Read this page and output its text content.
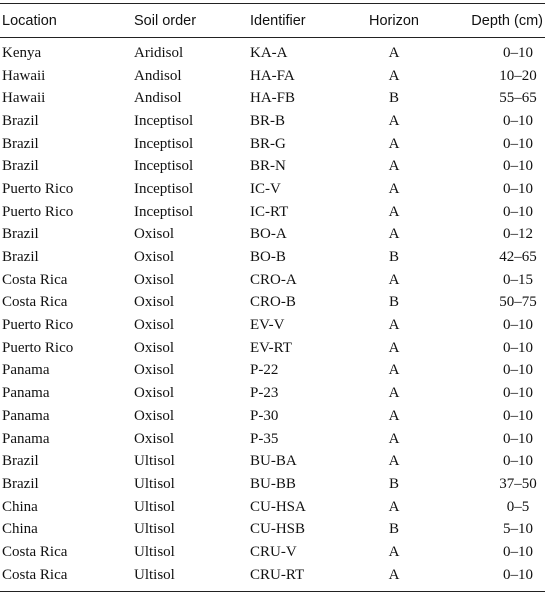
Location	Soil order	Identifier	Horizon	Depth (cm)
Kenya	Aridisol	KA-A	A	0–10
Hawaii	Andisol	HA-FA	A	10–20
Hawaii	Andisol	HA-FB	B	55–65
Brazil	Inceptisol	BR-B	A	0–10
Brazil	Inceptisol	BR-G	A	0–10
Brazil	Inceptisol	BR-N	A	0–10
Puerto Rico	Inceptisol	IC-V	A	0–10
Puerto Rico	Inceptisol	IC-RT	A	0–10
Brazil	Oxisol	BO-A	A	0–12
Brazil	Oxisol	BO-B	B	42–65
Costa Rica	Oxisol	CRO-A	A	0–15
Costa Rica	Oxisol	CRO-B	B	50–75
Puerto Rico	Oxisol	EV-V	A	0–10
Puerto Rico	Oxisol	EV-RT	A	0–10
Panama	Oxisol	P-22	A	0–10
Panama	Oxisol	P-23	A	0–10
Panama	Oxisol	P-30	A	0–10
Panama	Oxisol	P-35	A	0–10
Brazil	Ultisol	BU-BA	A	0–10
Brazil	Ultisol	BU-BB	B	37–50
China	Ultisol	CU-HSA	A	0–5
China	Ultisol	CU-HSB	B	5–10
Costa Rica	Ultisol	CRU-V	A	0–10
Costa Rica	Ultisol	CRU-RT	A	0–10
